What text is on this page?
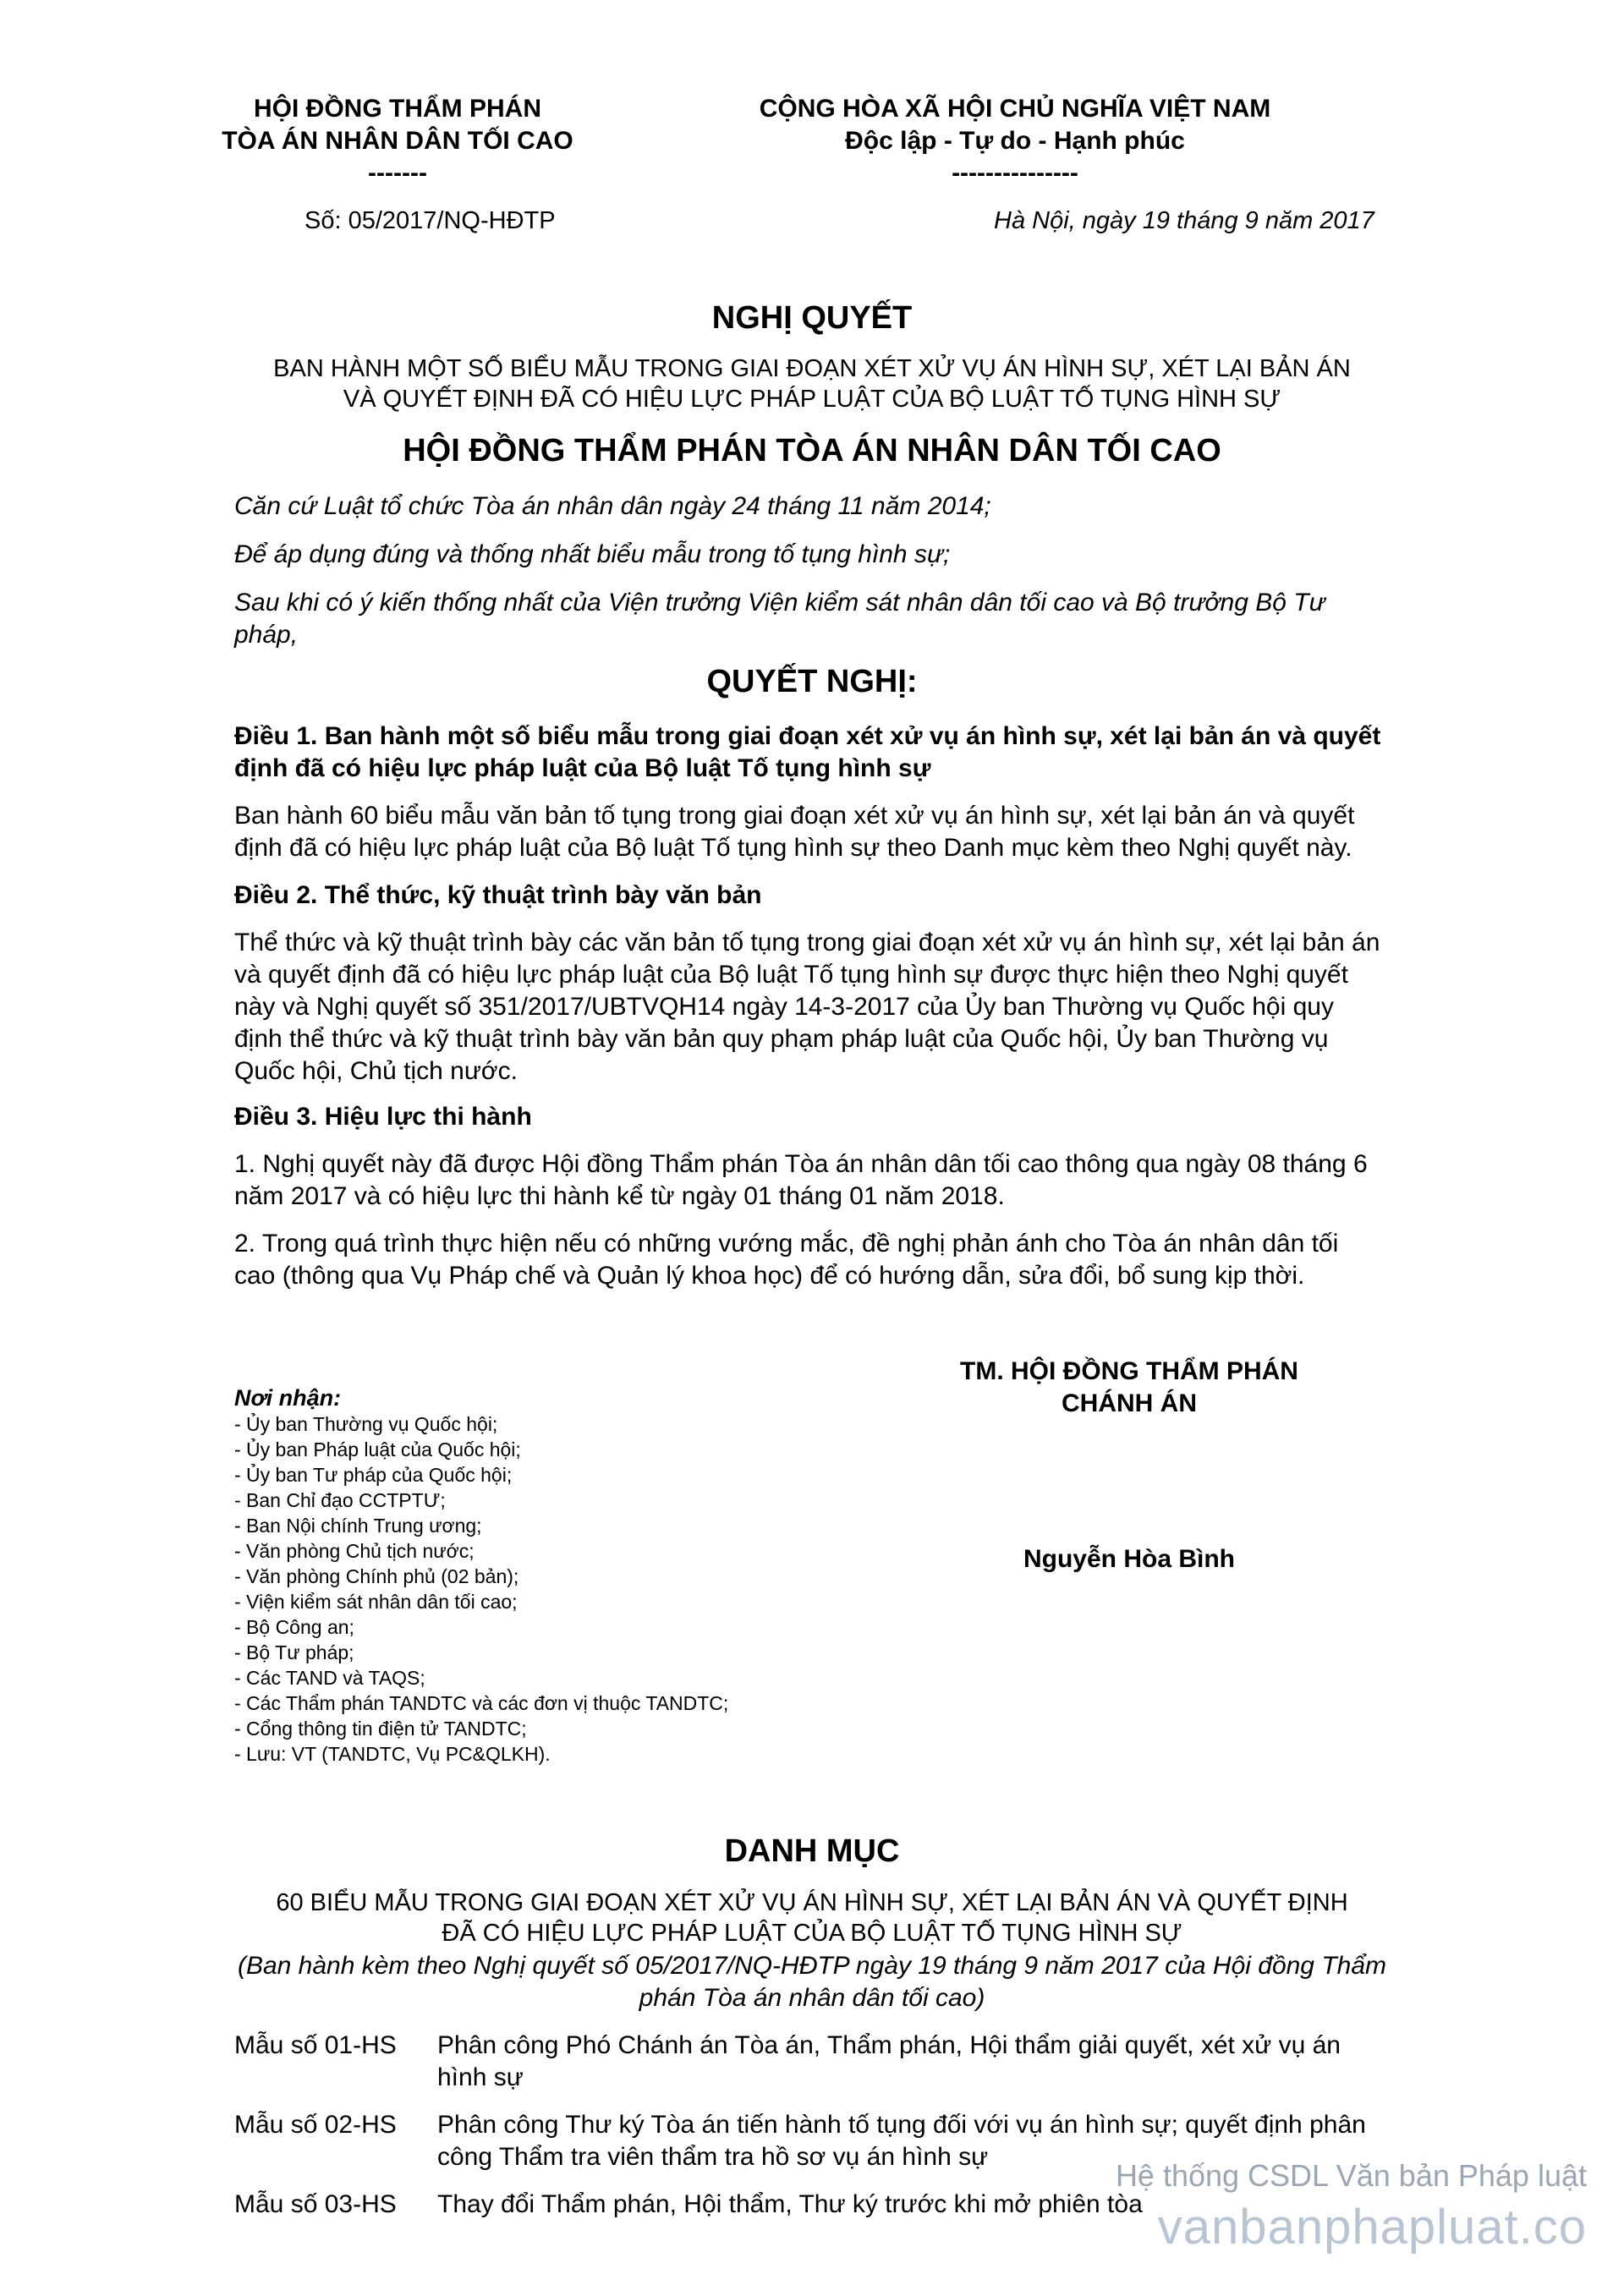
HỘI ĐỒNG THẨM PHÁN
TÒA ÁN NHÂN DÂN TỐI CAO
-------
CỘNG HÒA XÃ HỘI CHỦ NGHĨA VIỆT NAM
Độc lập - Tự do - Hạnh phúc
---------------
Số: 05/2017/NQ-HĐTP	Hà Nội, ngày 19 tháng 9 năm 2017
NGHỊ QUYẾT
BAN HÀNH MỘT SỐ BIỂU MẪU TRONG GIAI ĐOẠN XÉT XỬ VỤ ÁN HÌNH SỰ, XÉT LẠI BẢN ÁN
VÀ QUYẾT ĐỊNH ĐÃ CÓ HIỆU LỰC PHÁP LUẬT CỦA BỘ LUẬT TỐ TỤNG HÌNH SỰ
HỘI ĐỒNG THẨM PHÁN TÒA ÁN NHÂN DÂN TỐI CAO
Căn cứ Luật tổ chức Tòa án nhân dân ngày 24 tháng 11 năm 2014;
Để áp dụng đúng và thống nhất biểu mẫu trong tố tụng hình sự;
Sau khi có ý kiến thống nhất của Viện trưởng Viện kiểm sát nhân dân tối cao và Bộ trưởng Bộ Tư
pháp,
QUYẾT NGHỊ:
Điều 1. Ban hành một số biểu mẫu trong giai đoạn xét xử vụ án hình sự, xét lại bản án và quyết
định đã có hiệu lực pháp luật của Bộ luật Tố tụng hình sự
Ban hành 60 biểu mẫu văn bản tố tụng trong giai đoạn xét xử vụ án hình sự, xét lại bản án và quyết
định đã có hiệu lực pháp luật của Bộ luật Tố tụng hình sự theo Danh mục kèm theo Nghị quyết này.
Điều 2. Thể thức, kỹ thuật trình bày văn bản
Thể thức và kỹ thuật trình bày các văn bản tố tụng trong giai đoạn xét xử vụ án hình sự, xét lại bản án
và quyết định đã có hiệu lực pháp luật của Bộ luật Tố tụng hình sự được thực hiện theo Nghị quyết
này và Nghị quyết số 351/2017/UBTVQH14 ngày 14-3-2017 của Ủy ban Thường vụ Quốc hội quy
định thể thức và kỹ thuật trình bày văn bản quy phạm pháp luật của Quốc hội, Ủy ban Thường vụ
Quốc hội, Chủ tịch nước.
Điều 3. Hiệu lực thi hành
1. Nghị quyết này đã được Hội đồng Thẩm phán Tòa án nhân dân tối cao thông qua ngày 08 tháng 6
năm 2017 và có hiệu lực thi hành kể từ ngày 01 tháng 01 năm 2018.
2. Trong quá trình thực hiện nếu có những vướng mắc, đề nghị phản ánh cho Tòa án nhân dân tối
cao (thông qua Vụ Pháp chế và Quản lý khoa học) để có hướng dẫn, sửa đổi, bổ sung kịp thời.
Nơi nhận:
- Ủy ban Thường vụ Quốc hội;
- Ủy ban Pháp luật của Quốc hội;
- Ủy ban Tư pháp của Quốc hội;
- Ban Chỉ đạo CCTPTƯ;
- Ban Nội chính Trung ương;
- Văn phòng Chủ tịch nước;
- Văn phòng Chính phủ (02 bản);
- Viện kiểm sát nhân dân tối cao;
- Bộ Công an;
- Bộ Tư pháp;
- Các TAND và TAQS;
- Các Thẩm phán TANDTC và các đơn vị thuộc TANDTC;
- Cổng thông tin điện tử TANDTC;
- Lưu: VT (TANDTC, Vụ PC&QLKH).
TM. HỘI ĐỒNG THẨM PHÁN
CHÁNH ÁN
Nguyễn Hòa Bình
DANH MỤC
60 BIỂU MẪU TRONG GIAI ĐOẠN XÉT XỬ VỤ ÁN HÌNH SỰ, XÉT LẠI BẢN ÁN VÀ QUYẾT ĐỊNH
ĐÃ CÓ HIỆU LỰC PHÁP LUẬT CỦA BỘ LUẬT TỐ TỤNG HÌNH SỰ
(Ban hành kèm theo Nghị quyết số 05/2017/NQ-HĐTP ngày 19 tháng 9 năm 2017 của Hội đồng Thẩm
phán Tòa án nhân dân tối cao)
Mẫu số 01-HS	Phân công Phó Chánh án Tòa án, Thẩm phán, Hội thẩm giải quyết, xét xử vụ án
hình sự
Mẫu số 02-HS	Phân công Thư ký Tòa án tiến hành tố tụng đối với vụ án hình sự; quyết định phân
công Thẩm tra viên thẩm tra hồ sơ vụ án hình sự
Mẫu số 03-HS	Thay đổi Thẩm phán, Hội thẩm, Thư ký trước khi mở phiên tòa
Hệ thống CSDL Văn bản Pháp luật
vanbanphapluat.co
